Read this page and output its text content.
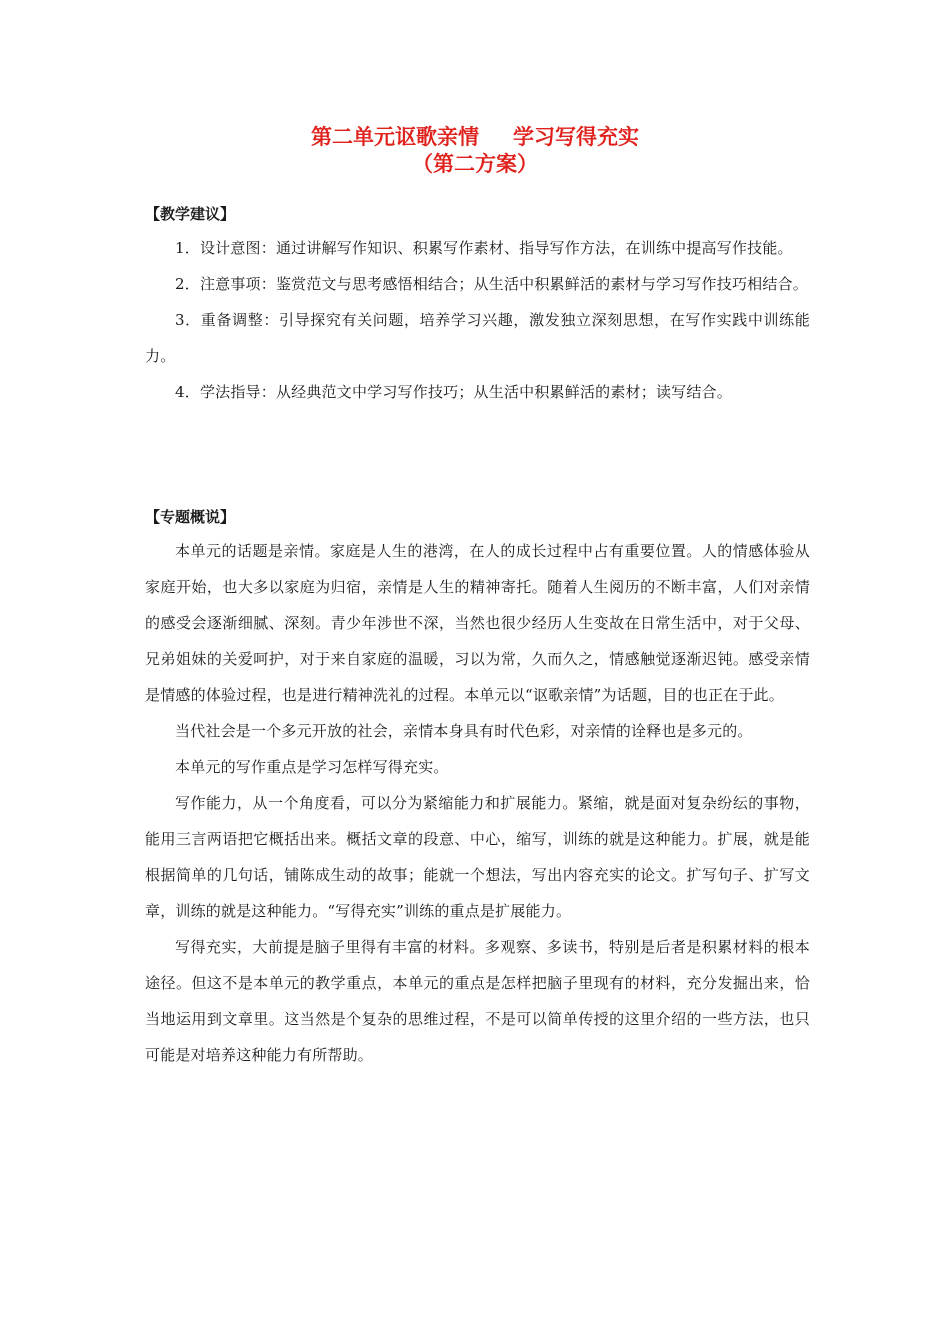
第二单元讴歌亲情 学习写得充实
（第二方案）
【教学建议】

1．设计意图：通过讲解写作知识、积累写作素材、指导写作方法，在训练中提高写作技能。

2．注意事项：鉴赏范文与思考感悟相结合；从生活中积累鲜活的素材与学习写作技巧相结合。

3．重备调整：引导探究有关问题，培养学习兴趣，激发独立深刻思想，在写作实践中训练能力。

4．学法指导：从经典范文中学习写作技巧；从生活中积累鲜活的素材；读写结合。

【专题概说】

本单元的话题是亲情。家庭是人生的港湾，在人的成长过程中占有重要位置。人的情感体验从家庭开始，也大多以家庭为归宿，亲情是人生的精神寄托。随着人生阅历的不断丰富，人们对亲情的感受会逐渐细腻、深刻。青少年涉世不深，当然也很少经历人生变故在日常生活中，对于父母、兄弟姐妹的关爱呵护，对于来自家庭的温暖，习以为常，久而久之，情感触觉逐渐迟钝。感受亲情是情感的体验过程，也是进行精神洗礼的过程。本单元以“讴歌亲情”为话题，目的也正在于此。

当代社会是一个多元开放的社会，亲情本身具有时代色彩，对亲情的诠释也是多元的。

本单元的写作重点是学习怎样写得充实。

写作能力，从一个角度看，可以分为紧缩能力和扩展能力。紧缩，就是面对复杂纷纭的事物，能用三言两语把它概括出来。概括文章的段意、中心，缩写，训练的就是这种能力。扩展，就是能根据简单的几句话，铺陈成生动的故事；能就一个想法，写出内容充实的论文。扩写句子、扩写文章，训练的就是这种能力。“写得充实”训练的重点是扩展能力。

写得充实，大前提是脑子里得有丰富的材料。多观察、多读书，特别是后者是积累材料的根本途径。但这不是本单元的教学重点，本单元的重点是怎样把脑子里现有的材料，充分发掘出来，恰当地运用到文章里。这当然是个复杂的思维过程，不是可以简单传授的这里介绍的一些方法，也只可能是对培养这种能力有所帮助。
